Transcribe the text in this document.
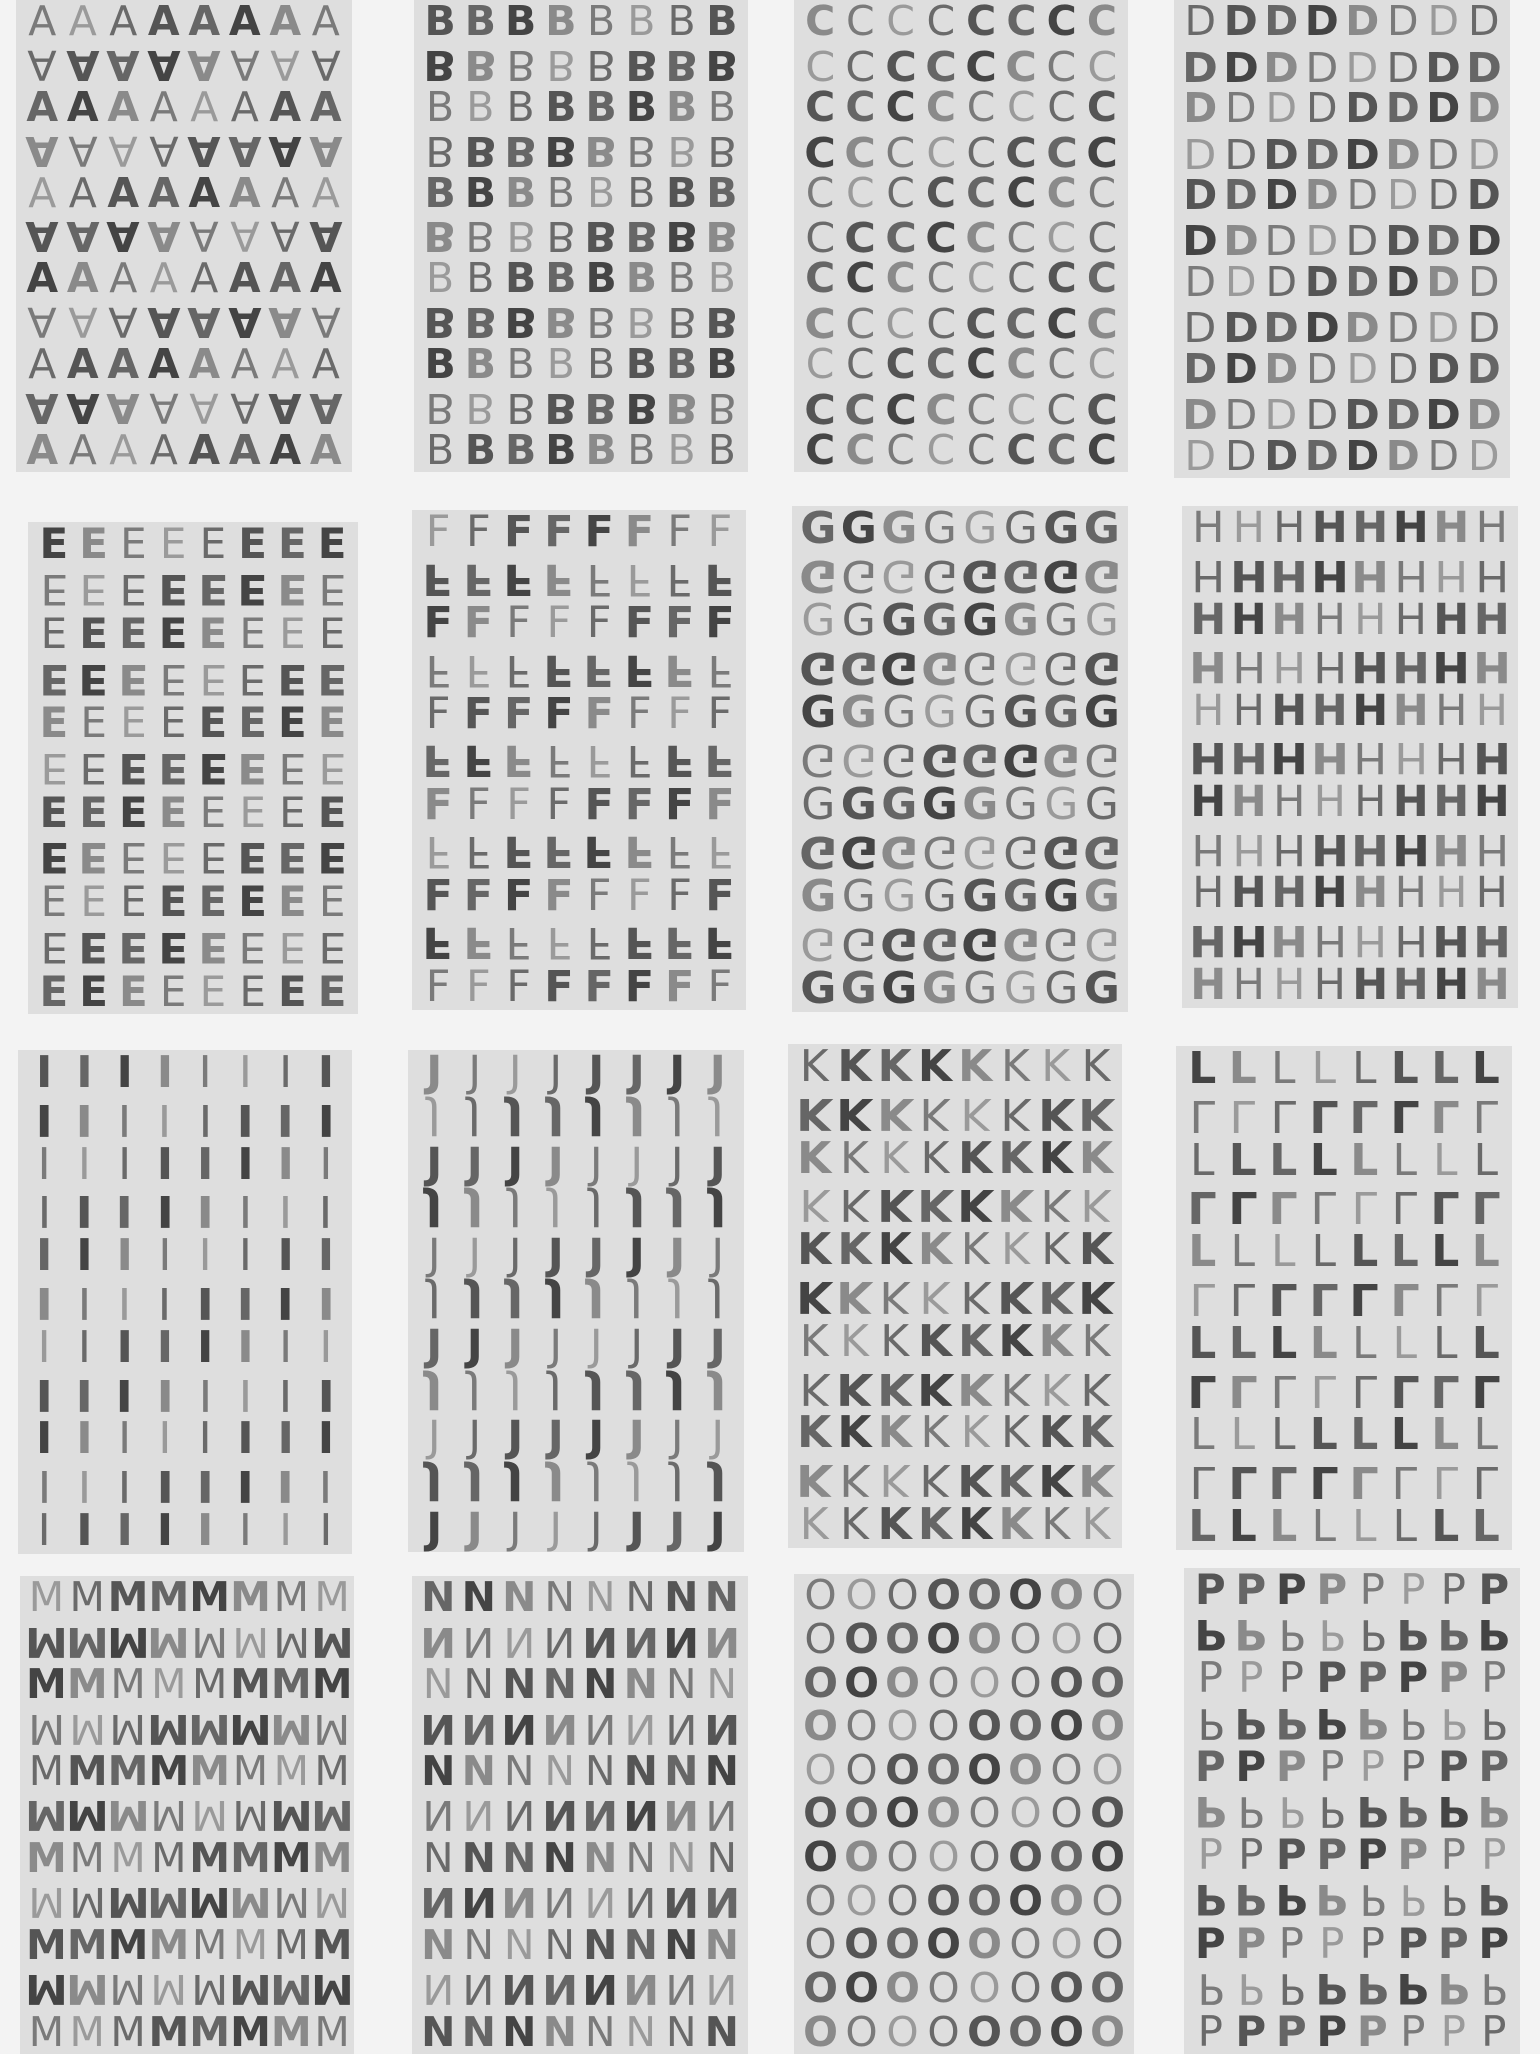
A A A A A A A A
A A A A A A A A
A A A A A A A A
A A A A A A A A
A A A A A A A A
A A A A A A A A
A A A A A A A A
A A A A A A A A
A A A A A A A A
A A A A A A A A
A A A A A A A A
B B B B B B B B
B B B B B B B B
B B B B B B B B
B B B B B B B B
B B B B B B B B
B B B B B B B B
B B B B B B B B
B B B B B B B B
B B B B B B B B
B B B B B B B B
B B B B B B B B
C C C C C C C C
C C C C C C C C
C C C C C C C C
C C C C C C C C
C C C C C C C C
C C C C C C C C
C C C C C C C C
C C C C C C C C
C C C C C C C C
C C C C C C C C
C C C C C C C C
D D D D D D D D
D D D D D D D D
D D D D D D D D
D D D D D D D D
D D D D D D D D
D D D D D D D D
D D D D D D D D
D D D D D D D D
D D D D D D D D
D D D D D D D D
D D D D D D D D
E E E E E E E E
E E E E E E E E
E E E E E E E E
E E E E E E E E
E E E E E E E E
E E E E E E E E
E E E E E E E E
E E E E E E E E
E E E E E E E E
E E E E E E E E
E E E E E E E E
F F F F F F F F
F F F F F F F F
F F F F F F F F
F F F F F F F F
F F F F F F F F
F F F F F F F F
F F F F F F F F
F F F F F F F F
F F F F F F F F
F F F F F F F F
F F F F F F F F
G G G G G G G G
G G G G G G G G
G G G G G G G G
G G G G G G G G
G G G G G G G G
G G G G G G G G
G G G G G G G G
G G G G G G G G
G G G G G G G G
G G G G G G G G
G G G G G G G G
H H H H H H H H
H H H H H H H H
H H H H H H H H
H H H H H H H H
H H H H H H H H
H H H H H H H H
H H H H H H H H
H H H H H H H H
H H H H H H H H
H H H H H H H H
H H H H H H H H
I I I I I I I I
I I I I I I I I
I I I I I I I I
I I I I I I I I
I I I I I I I I
I I I I I I I I
I I I I I I I I
I I I I I I I I
I I I I I I I I
I I I I I I I I
I I I I I I I I
J J J J J J J J
J J J J J J J J
J J J J J J J J
J J J J J J J J
J J J J J J J J
J J J J J J J J
J J J J J J J J
J J J J J J J J
J J J J J J J J
J J J J J J J J
J J J J J J J J
K K K K K K K K
K K K K K K K K
K K K K K K K K
K K K K K K K K
K K K K K K K K
K K K K K K K K
K K K K K K K K
K K K K K K K K
K K K K K K K K
K K K K K K K K
K K K K K K K K
L L L L L L L L
L L L L L L L L
L L L L L L L L
L L L L L L L L
L L L L L L L L
L L L L L L L L
L L L L L L L L
L L L L L L L L
L L L L L L L L
L L L L L L L L
L L L L L L L L
M M M M M M M M
M
M
M
M M M M M
M M M M M M M M
M M M M
M
M
M M
M M M M M M M M
M
M
M M M M M
M
M M M M M M M M
M M M
M
M
M M M
M M M M M M M M
M
M M M M M
M
M
M M M M M M M M
N N N N N N N N
N N N N N N N N
N N N N N N N N
N N N N N N N N
N N N N N N N N
N N N N N N N N
N N N N N N N N
N N N N N N N N
N N N N N N N N
N N N N N N N N
N N N N N N N N
O O O O O O O O
O O O O O O O O
O O O O O O O O
O O O O O O O O
O O O O O O O O
O O O O O O O O
O O O O O O O O
O O O O O O O O
O O O O O O O O
O O O O O O O O
O O O O O O O O
P P P P P P P P
P P P P P P P P
P P P P P P P P
P P P P P P P P
P P P P P P P P
P P P P P P P P
P P P P P P P P
P P P P P P P P
P P P P P P P P
P P P P P P P P
P P P P P P P P
